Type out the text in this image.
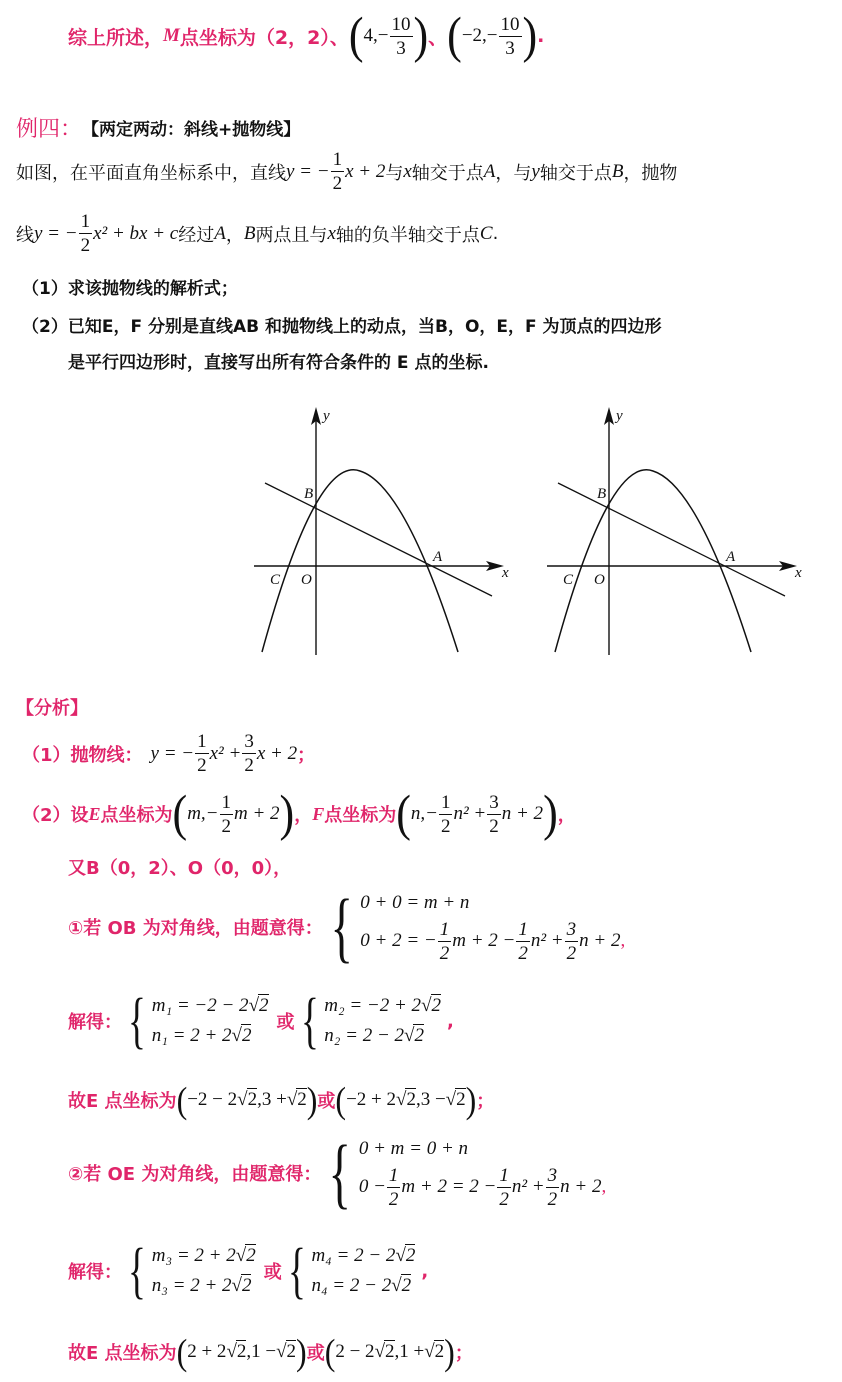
综上所述， M 点坐标为（2，2）、 ( $4,- \frac{10}{3}$ ) 、 ( $-2,- \frac{10}{3}$ ) .
例四： 【两定两动：斜线+抛物线】
如图，在平面直角坐标系中，直线 y = − $\frac{1}{2}$ x + 2 与 x 轴交于点 A ，与 y 轴交于点 B ，抛物
线 y = − $\frac{1}{2} x^2$ + bx + c 经过 A ， B 两点且与 x 轴的负半轴交于点 C .
（1）求该抛物线的解析式；
（2）已知E，F 分别是直线AB 和抛物线上的动点，当B，O，E，F 为顶点的四边形
是平行四边形时，直接写出所有符合条件的 E 点的坐标.
y
x
B
A
C O
y
x
B
A
C O
【分析】
（1）抛物线： y = − $\frac{1}{2} x^2 + \frac{3}{2}$ x + 2 ；
（2）设 E 点坐标为 ( $m,- \frac{1}{2}$ m + 2 ) ， F 点坐标为 ( $n,- \frac{1}{2} n^2 + \frac{3}{2}$ n + 2 ) ，
又B（0，2）、O（0，0），
①若 OB 为对角线，由题意得： { 0 + 0 = m + n
0 + 2 = − $\frac{1}{2}$ $m + 2 - \frac{1}{2} n^2 + \frac{3}{2}$ n + 2 ,
解得： { m₁ = −2 − 2√2
n₁ = 2 + 2√2
或 { m₂ = −2 + 2√2
n₂ = 2 − 2√2
,
故E 点坐标为 ( −2 − 2√2,3 +√2 ) 或 ( −2 + 2√2,3 −√2 ) ；
②若 OE 为对角线，由题意得： { 0 + m = 0 + n
$0 - \frac{1}{2}$ $m + 2 = 2 - \frac{1}{2} n^2 + \frac{3}{2}$ n + 2 ,
解得： { m₃ = 2 + 2√2
n₃ = 2 + 2√2
或 { m₄ = 2 − 2√2
n₄ = 2 − 2√2
,
故E 点坐标为 ( 2 + 2√2,1 −√2 ) 或 ( 2 − 2√2,1 +√2 ) ；
